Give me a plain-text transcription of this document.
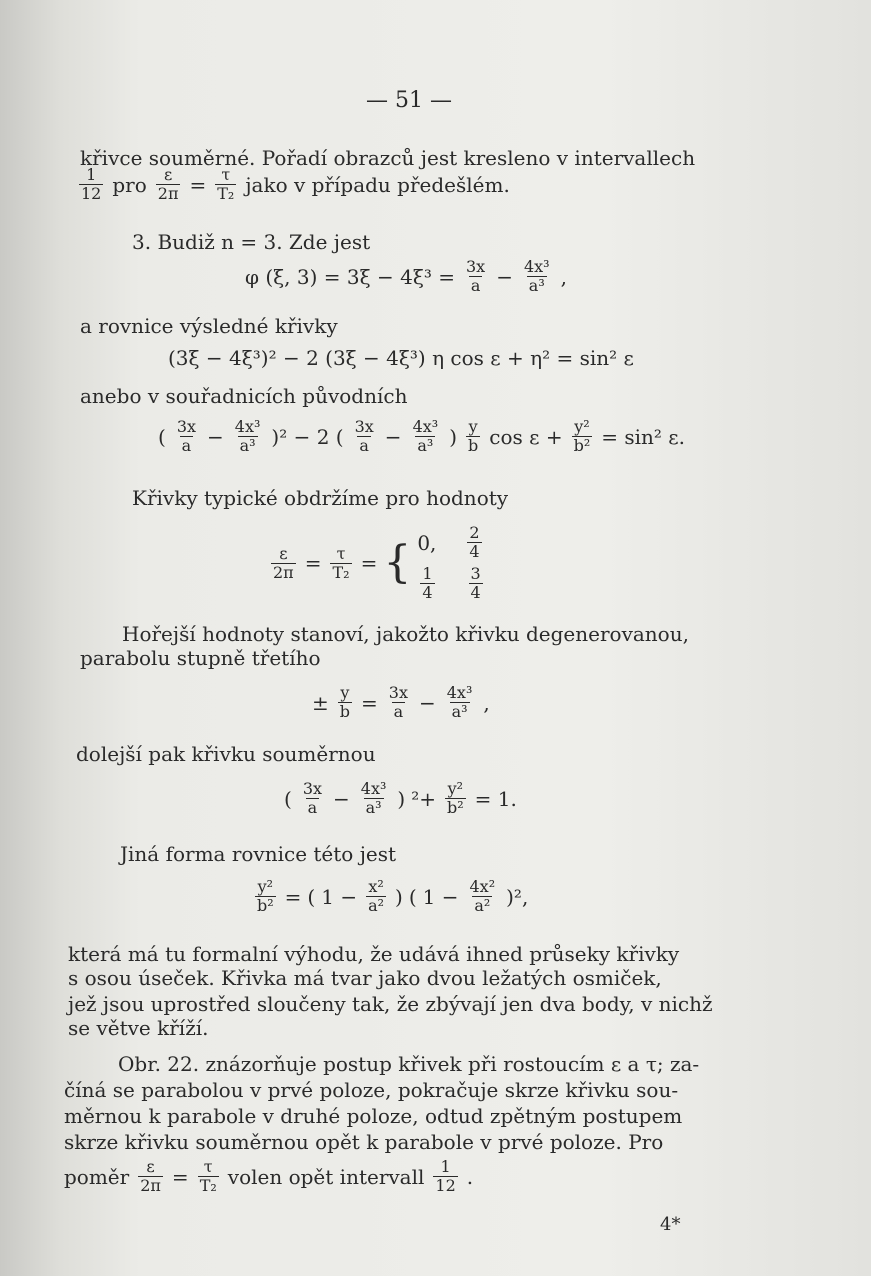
— 51 —
křivce souměrné. Pořadí obrazců jest kresleno v intervallech
$\frac{1}{12}$ pro $\frac{\varepsilon}{2\pi} = \frac{\tau}{\text{T₂}}$ jako v případu předešlém.
3. Budiž n = 3. Zde jest
φ (ξ, $3) = 3\xi - 4\xi^3 = \frac{3x}{a} - \frac{\text{4x³}}{\text{a³}}$ ,
a rovnice výsledné křivky
(3ξ − 4ξ³)² − 2 (3ξ − 4ξ³) η cos ε + η² = sin² ε
anebo v souřadnicích původních
( $\frac{3x}{a} - \frac{\text{4x³}}{\text{a³}} )^2 - 2$ ( $\frac{3x}{a} - \frac{\text{4x³}}{\text{a³}}$ ) $\frac{y}{b}$ $\cos \varepsilon + \frac{\text{y²}}{\text{b²}} = \sin^2$ ε.
Křivky typické obdržíme pro hodnoty
$\frac{\varepsilon}{2\pi} = \frac{\tau}{\text{T₂}}$ = { 0, $\frac{2}{4}$
$\frac{1}{4} \frac{3}{4}$
Hořejší hodnoty stanoví, jakožto křivku degenerovanou,
parabolu stupně třetího
± $\frac{y}{b} = \frac{3x}{a} - \frac{\text{4x³}}{\text{a³}}$ ,
dolejší pak křivku souměrnou
( $\frac{3x}{a} - \frac{\text{4x³}}{\text{a³}}$ ) $^2+ \frac{\text{y²}}{\text{b²}} = 1$.
Jiná forma rovnice této jest
$\frac{\text{y²}}{\text{b²}}$ = ( $1 - \frac{\text{x²}}{\text{a²}}$ ) ( $1 - \frac{\text{4x²}}{\text{a²}} )^2$,
která má tu formalní výhodu, že udává ihned průseky křivky
s osou úseček. Křivka má tvar jako dvou ležatých osmiček,
jež jsou uprostřed sloučeny tak, že zbývají jen dva body, v nichž
se větve kříží.
Obr. 22. znázorňuje postup křivek při rostoucím ε a τ; za-
číná se parabolou v prvé poloze, pokračuje skrze křivku sou-
měrnou k parabole v druhé poloze, odtud zpětným postupem
skrze křivku souměrnou opět k parabole v prvé poloze. Pro
poměr $\frac{\varepsilon}{2\pi} = \frac{\tau}{\text{T₂}}$ volen opět intervall $\frac{1}{12}$ .
4*
